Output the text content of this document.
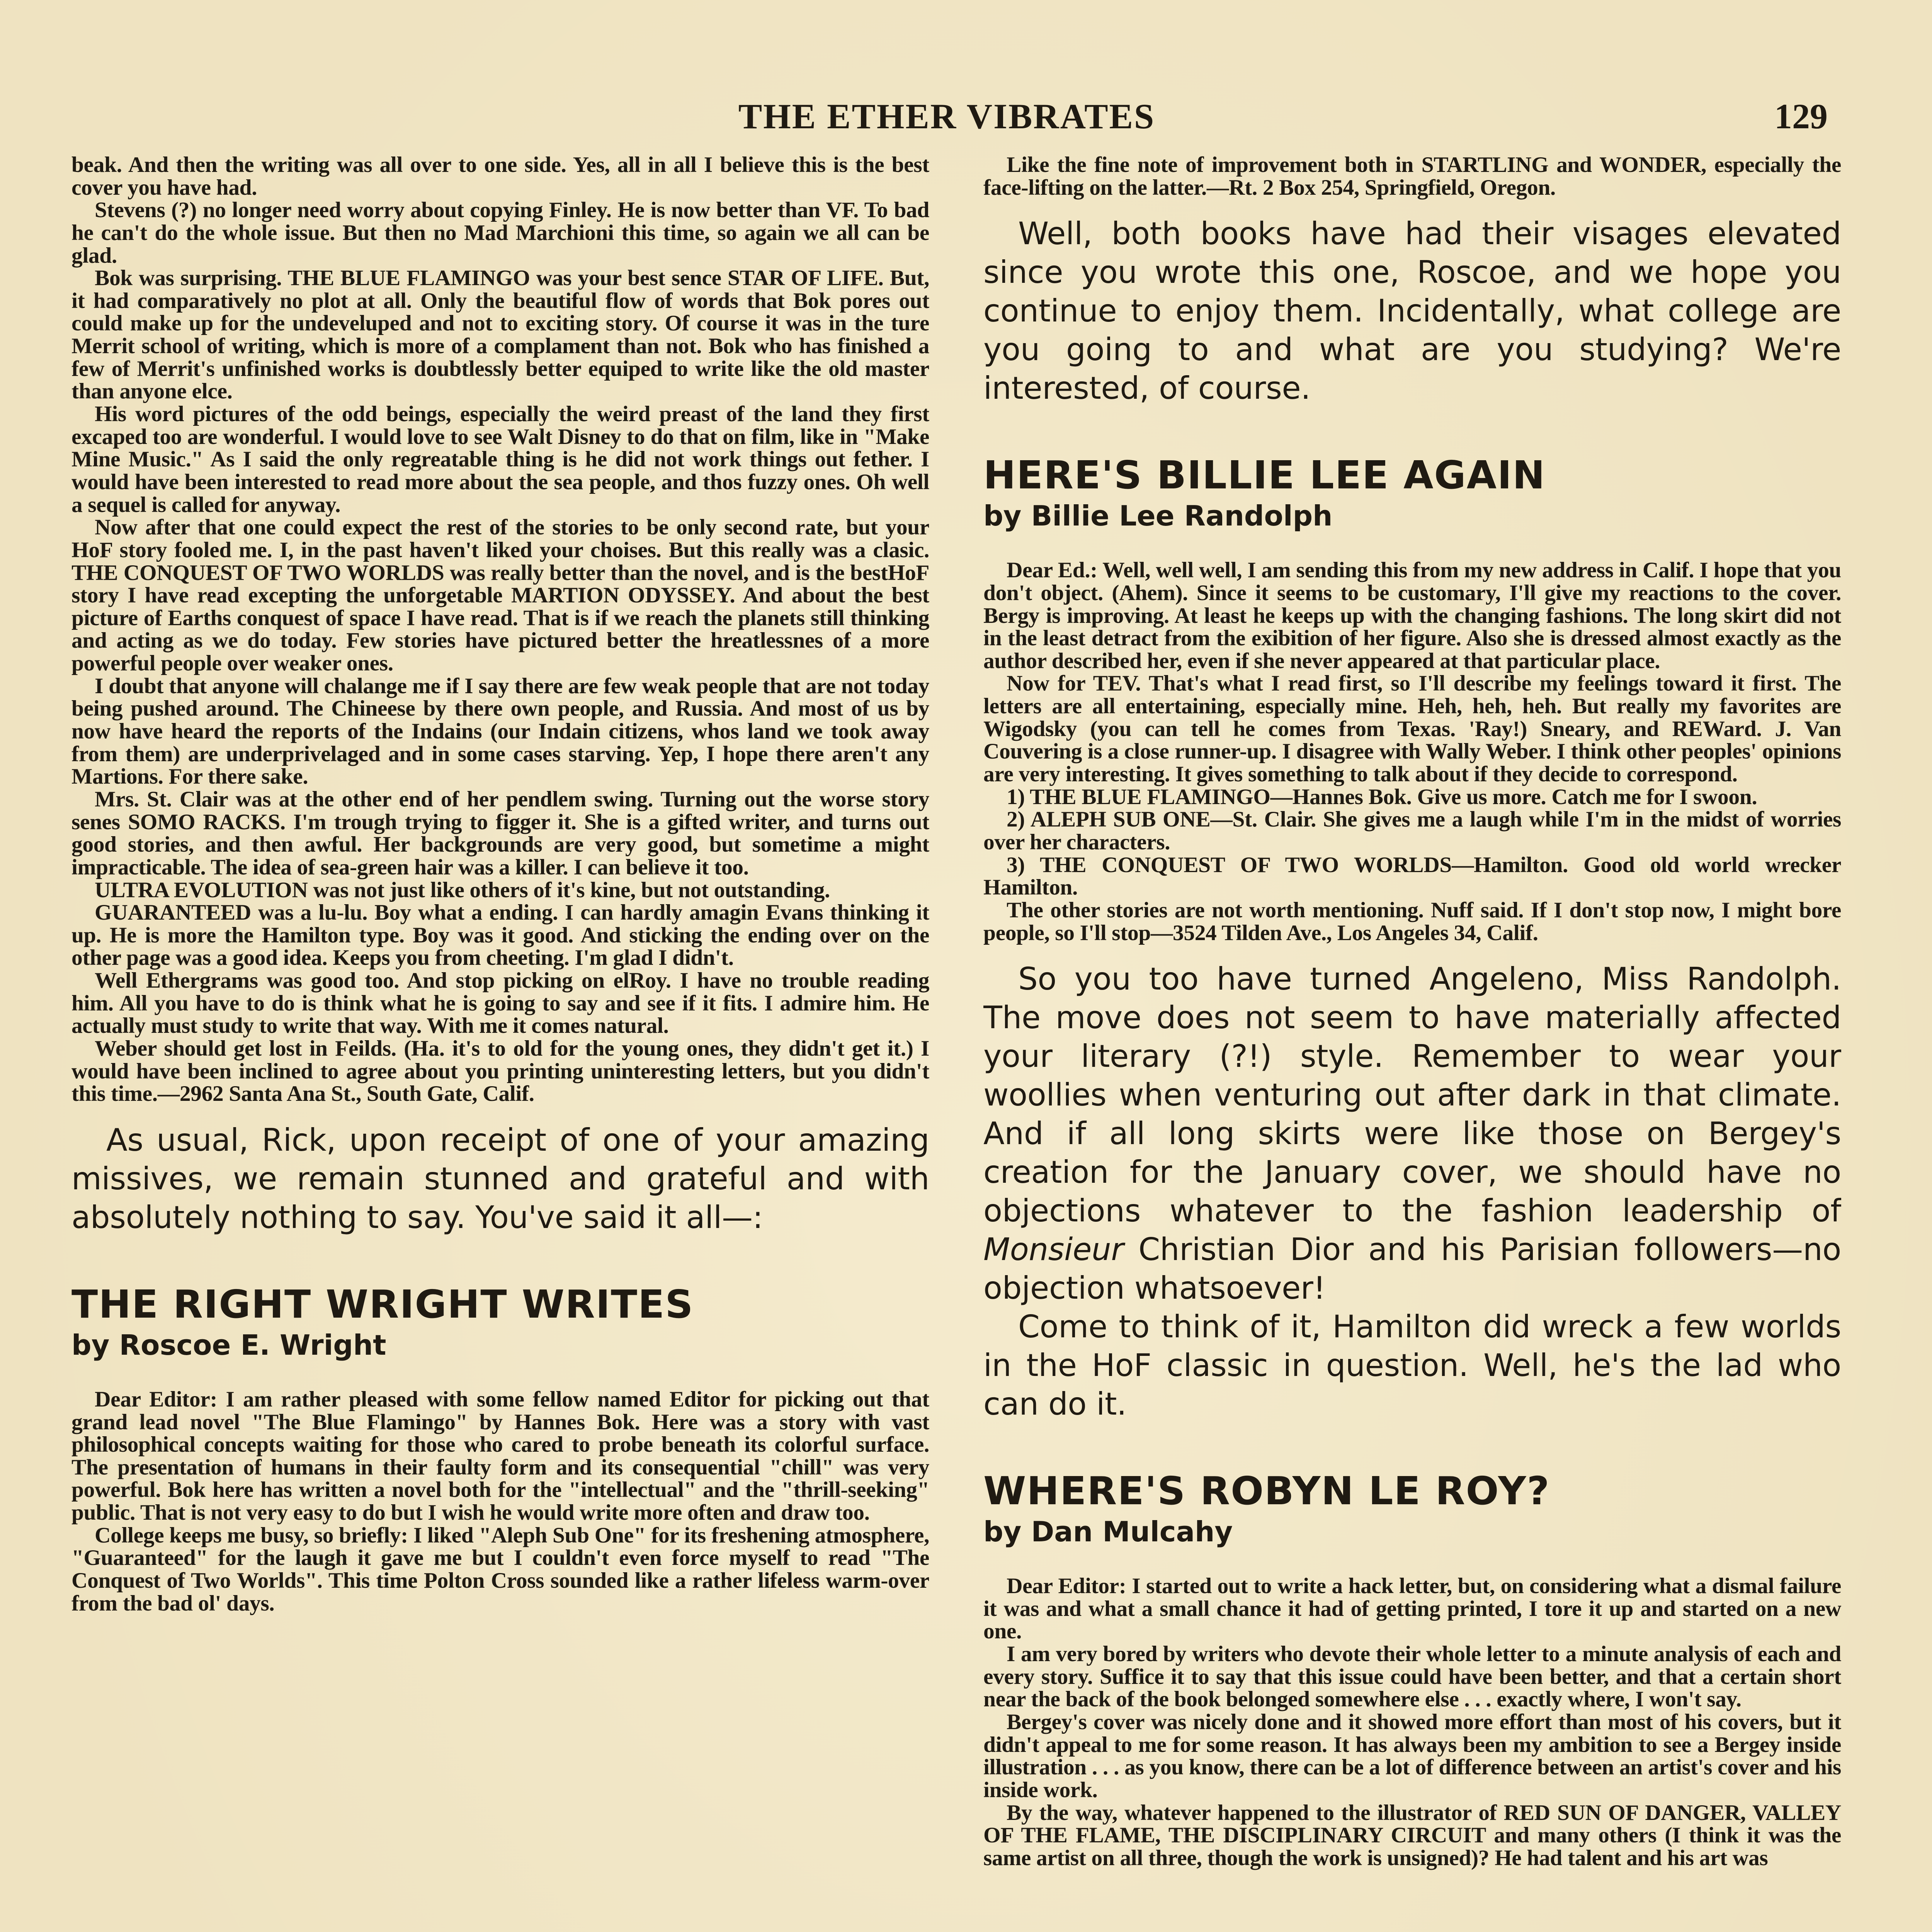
THE ETHER VIBRATES	129

beak. And then the writing was all over to one side. Yes, all in all I believe this is the best cover you have had.

Stevens (?) no longer need worry about copying Finley. He is now better than VF. To bad he can't do the whole issue. But then no Mad Marchioni this time, so again we all can be glad.

Bok was surprising. THE BLUE FLAMINGO was your best sence STAR OF LIFE. But, it had comparatively no plot at all. Only the beautiful flow of words that Bok pores out could make up for the undeveluped and not to exciting story. Of course it was in the ture Merrit school of writing, which is more of a complament than not. Bok who has finished a few of Merrit's unfinished works is doubtlessly better equiped to write like the old master than anyone elce.

His word pictures of the odd beings, especially the weird preast of the land they first excaped too are wonderful. I would love to see Walt Disney to do that on film, like in "Make Mine Music." As I said the only regreatable thing is he did not work things out fether. I would have been interested to read more about the sea people, and thos fuzzy ones. Oh well a sequel is called for anyway.

Now after that one could expect the rest of the stories to be only second rate, but your HoF story fooled me. I, in the past haven't liked your choises. But this really was a clasic. THE CONQUEST OF TWO WORLDS was really better than the novel, and is the bestHoF story I have read excepting the unforgetable MARTION ODYSSEY. And about the best picture of Earths conquest of space I have read. That is if we reach the planets still thinking and acting as we do today. Few stories have pictured better the hreatlessnes of a more powerful people over weaker ones.

I doubt that anyone will chalange me if I say there are few weak people that are not today being pushed around. The Chineese by there own people, and Russia. And most of us by now have heard the reports of the Indains (our Indain citizens, whos land we took away from them) are underprivelaged and in some cases starving. Yep, I hope there aren't any Martions. For there sake.

Mrs. St. Clair was at the other end of her pendlem swing. Turning out the worse story senes SOMO RACKS. I'm trough trying to figger it. She is a gifted writer, and turns out good stories, and then awful. Her backgrounds are very good, but sometime a might impracticable. The idea of sea-green hair was a killer. I can believe it too.

ULTRA EVOLUTION was not just like others of it's kine, but not outstanding.

GUARANTEED was a lu-lu. Boy what a ending. I can hardly amagin Evans thinking it up. He is more the Hamilton type. Boy was it good. And sticking the ending over on the other page was a good idea. Keeps you from cheeting. I'm glad I didn't.

Well Ethergrams was good too. And stop picking on elRoy. I have no trouble reading him. All you have to do is think what he is going to say and see if it fits. I admire him. He actually must study to write that way. With me it comes natural.

Weber should get lost in Feilds. (Ha. it's to old for the young ones, they didn't get it.) I would have been inclined to agree about you printing uninteresting letters, but you didn't this time.—2962 Santa Ana St., South Gate, Calif.

As usual, Rick, upon receipt of one of your amazing missives, we remain stunned and grateful and with absolutely nothing to say. You've said it all—:

THE RIGHT WRIGHT WRITES
by Roscoe E. Wright

Dear Editor: I am rather pleased with some fellow named Editor for picking out that grand lead novel "The Blue Flamingo" by Hannes Bok. Here was a story with vast philosophical concepts waiting for those who cared to probe beneath its colorful surface. The presentation of humans in their faulty form and its consequential "chill" was very powerful. Bok here has written a novel both for the "intellectual" and the "thrill-seeking" public. That is not very easy to do but I wish he would write more often and draw too.

College keeps me busy, so briefly: I liked "Aleph Sub One" for its freshening atmosphere, "Guaranteed" for the laugh it gave me but I couldn't even force myself to read "The Conquest of Two Worlds". This time Polton Cross sounded like a rather lifeless warm-over from the bad ol' days.

Like the fine note of improvement both in STARTLING and WONDER, especially the face-lifting on the latter.—Rt. 2 Box 254, Springfield, Oregon.

Well, both books have had their visages elevated since you wrote this one, Roscoe, and we hope you continue to enjoy them. Incidentally, what college are you going to and what are you studying? We're interested, of course.

HERE'S BILLIE LEE AGAIN
by Billie Lee Randolph

Dear Ed.: Well, well well, I am sending this from my new address in Calif. I hope that you don't object. (Ahem). Since it seems to be customary, I'll give my reactions to the cover. Bergy is improving. At least he keeps up with the changing fashions. The long skirt did not in the least detract from the exibition of her figure. Also she is dressed almost exactly as the author described her, even if she never appeared at that particular place.

Now for TEV. That's what I read first, so I'll describe my feelings toward it first. The letters are all entertaining, especially mine. Heh, heh, heh. But really my favorites are Wigodsky (you can tell he comes from Texas. 'Ray!) Sneary, and REWard. J. Van Couvering is a close runner-up. I disagree with Wally Weber. I think other peoples' opinions are very interesting. It gives something to talk about if they decide to correspond.

1) THE BLUE FLAMINGO—Hannes Bok. Give us more. Catch me for I swoon.

2) ALEPH SUB ONE—St. Clair. She gives me a laugh while I'm in the midst of worries over her characters.

3) THE CONQUEST OF TWO WORLDS—Hamilton. Good old world wrecker Hamilton.

The other stories are not worth mentioning. Nuff said. If I don't stop now, I might bore people, so I'll stop—3524 Tilden Ave., Los Angeles 34, Calif.

So you too have turned Angeleno, Miss Randolph. The move does not seem to have materially affected your literary (?!) style. Remember to wear your woollies when venturing out after dark in that climate. And if all long skirts were like those on Bergey's creation for the January cover, we should have no objections whatever to the fashion leadership of Monsieur Christian Dior and his Parisian followers—no objection whatsoever!

Come to think of it, Hamilton did wreck a few worlds in the HoF classic in question. Well, he's the lad who can do it.

WHERE'S ROBYN LE ROY?
by Dan Mulcahy

Dear Editor: I started out to write a hack letter, but, on considering what a dismal failure it was and what a small chance it had of getting printed, I tore it up and started on a new one.

I am very bored by writers who devote their whole letter to a minute analysis of each and every story. Suffice it to say that this issue could have been better, and that a certain short near the back of the book belonged somewhere else . . . exactly where, I won't say.

Bergey's cover was nicely done and it showed more effort than most of his covers, but it didn't appeal to me for some reason. It has always been my ambition to see a Bergey inside illustration . . . as you know, there can be a lot of difference between an artist's cover and his inside work.

By the way, whatever happened to the illustrator of RED SUN OF DANGER, VALLEY OF THE FLAME, THE DISCIPLINARY CIRCUIT and many others (I think it was the same artist on all three, though the work is unsigned)? He had talent and his art was
